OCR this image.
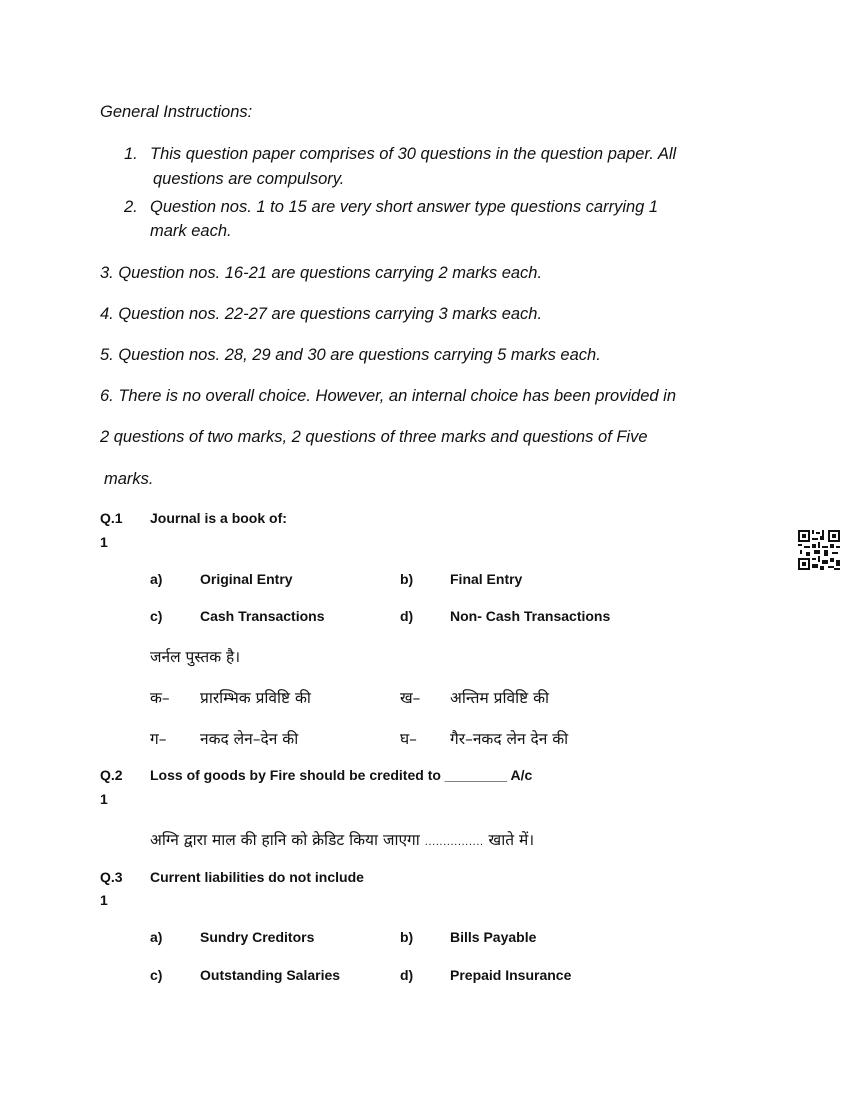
General Instructions:
1. This question paper comprises of 30 questions in the question paper. All
questions are compulsory.
2. Question nos. 1 to 15 are very short answer type questions carrying 1
mark each.
3. Question nos. 16-21 are questions carrying 2 marks each.
4. Question nos. 22-27 are questions carrying 3 marks each.
5. Question nos. 28, 29 and 30 are questions carrying 5 marks each.
6. There is no overall choice. However, an internal choice has been provided in
2 questions of two marks, 2 questions of three marks and questions of Five
marks.
Q.1 Journal is a book of:
1
a)	Original Entry	b)	Final Entry
c)	Cash Transactions	d)	Non- Cash Transactions
जर्नल पुस्तक है।
क– प्रारम्भिक प्रविष्टि की	ख– अन्तिम प्रविष्टि की
ग– नकद लेन–देन की	घ– गैर–नकद लेन देन की
Q.2 Loss of goods by Fire should be credited to ________ A/c
1
अग्नि द्वारा माल की हानि को क्रेडिट किया जाएगा ................ खाते में।
Q.3 Current liabilities do not include
1
a)	Sundry Creditors	b)	Bills Payable
c)	Outstanding Salaries	d)	Prepaid Insurance
